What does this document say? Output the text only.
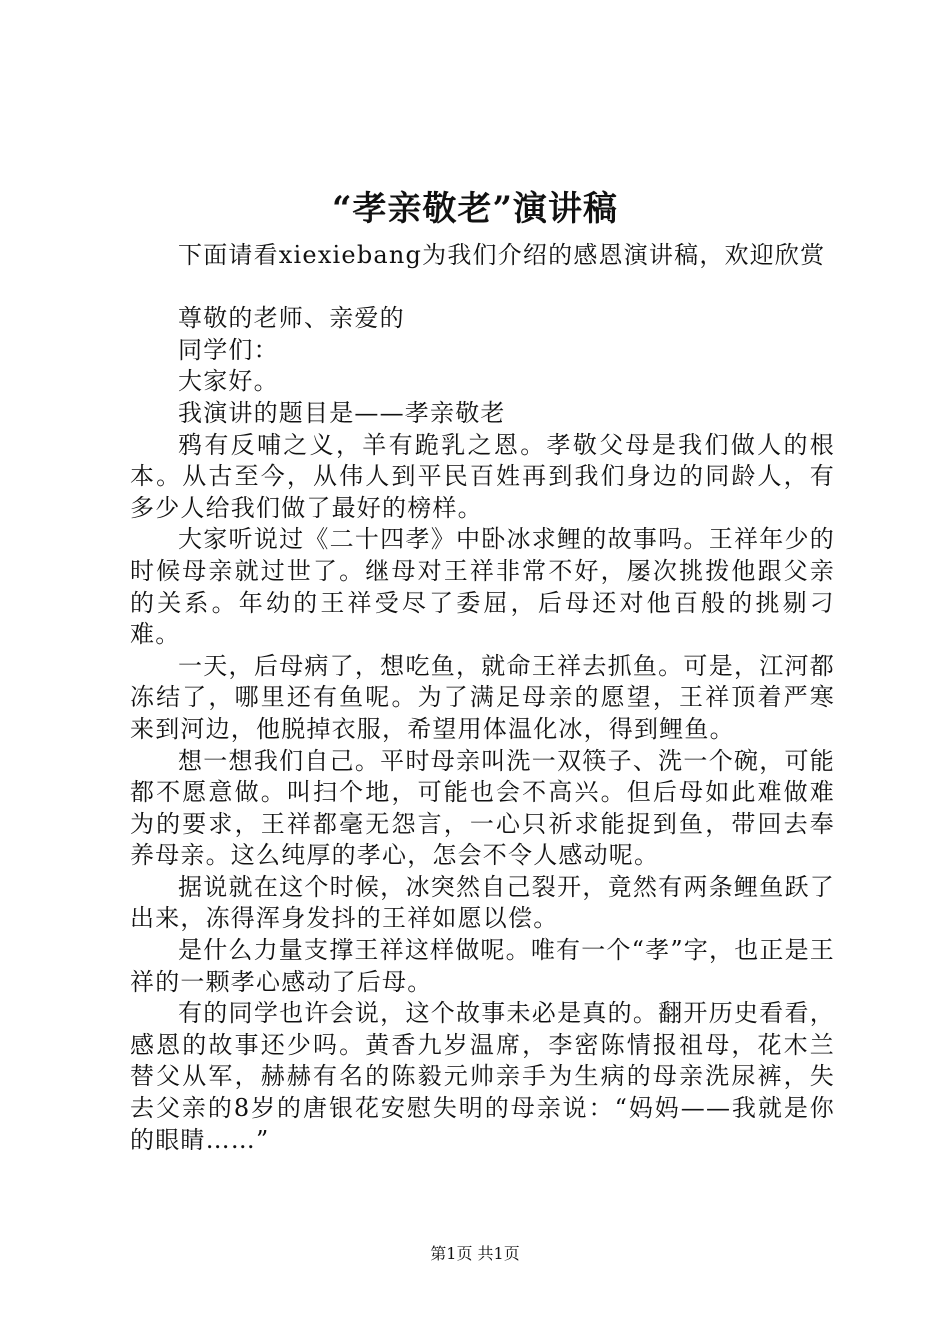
“孝亲敬老”演讲稿

下面请看xiexiebang为我们介绍的感恩演讲稿，欢迎欣赏

尊敬的老师、亲爱的

同学们：

大家好。

我演讲的题目是——孝亲敬老

鸦有反哺之义，羊有跪乳之恩。孝敬父母是我们做人的根本。从古至今，从伟人到平民百姓再到我们身边的同龄人，有多少人给我们做了最好的榜样。

大家听说过《二十四孝》中卧冰求鲤的故事吗。王祥年少的时候母亲就过世了。继母对王祥非常不好，屡次挑拨他跟父亲的关系。年幼的王祥受尽了委屈，后母还对他百般的挑剔刁难。

一天，后母病了，想吃鱼，就命王祥去抓鱼。可是，江河都冻结了，哪里还有鱼呢。为了满足母亲的愿望，王祥顶着严寒来到河边，他脱掉衣服，希望用体温化冰，得到鲤鱼。

想一想我们自己。平时母亲叫洗一双筷子、洗一个碗，可能都不愿意做。叫扫个地，可能也会不高兴。但后母如此难做难为的要求，王祥都毫无怨言，一心只祈求能捉到鱼，带回去奉养母亲。这么纯厚的孝心，怎会不令人感动呢。

据说就在这个时候，冰突然自己裂开，竟然有两条鲤鱼跃了出来，冻得浑身发抖的王祥如愿以偿。

是什么力量支撑王祥这样做呢。唯有一个“孝”字，也正是王祥的一颗孝心感动了后母。

有的同学也许会说，这个故事未必是真的。翻开历史看看，感恩的故事还少吗。黄香九岁温席，李密陈情报祖母，花木兰替父从军，赫赫有名的陈毅元帅亲手为生病的母亲洗尿裤，失去父亲的8岁的唐银花安慰失明的母亲说：“妈妈——我就是你的眼睛……”

第1页 共1页
